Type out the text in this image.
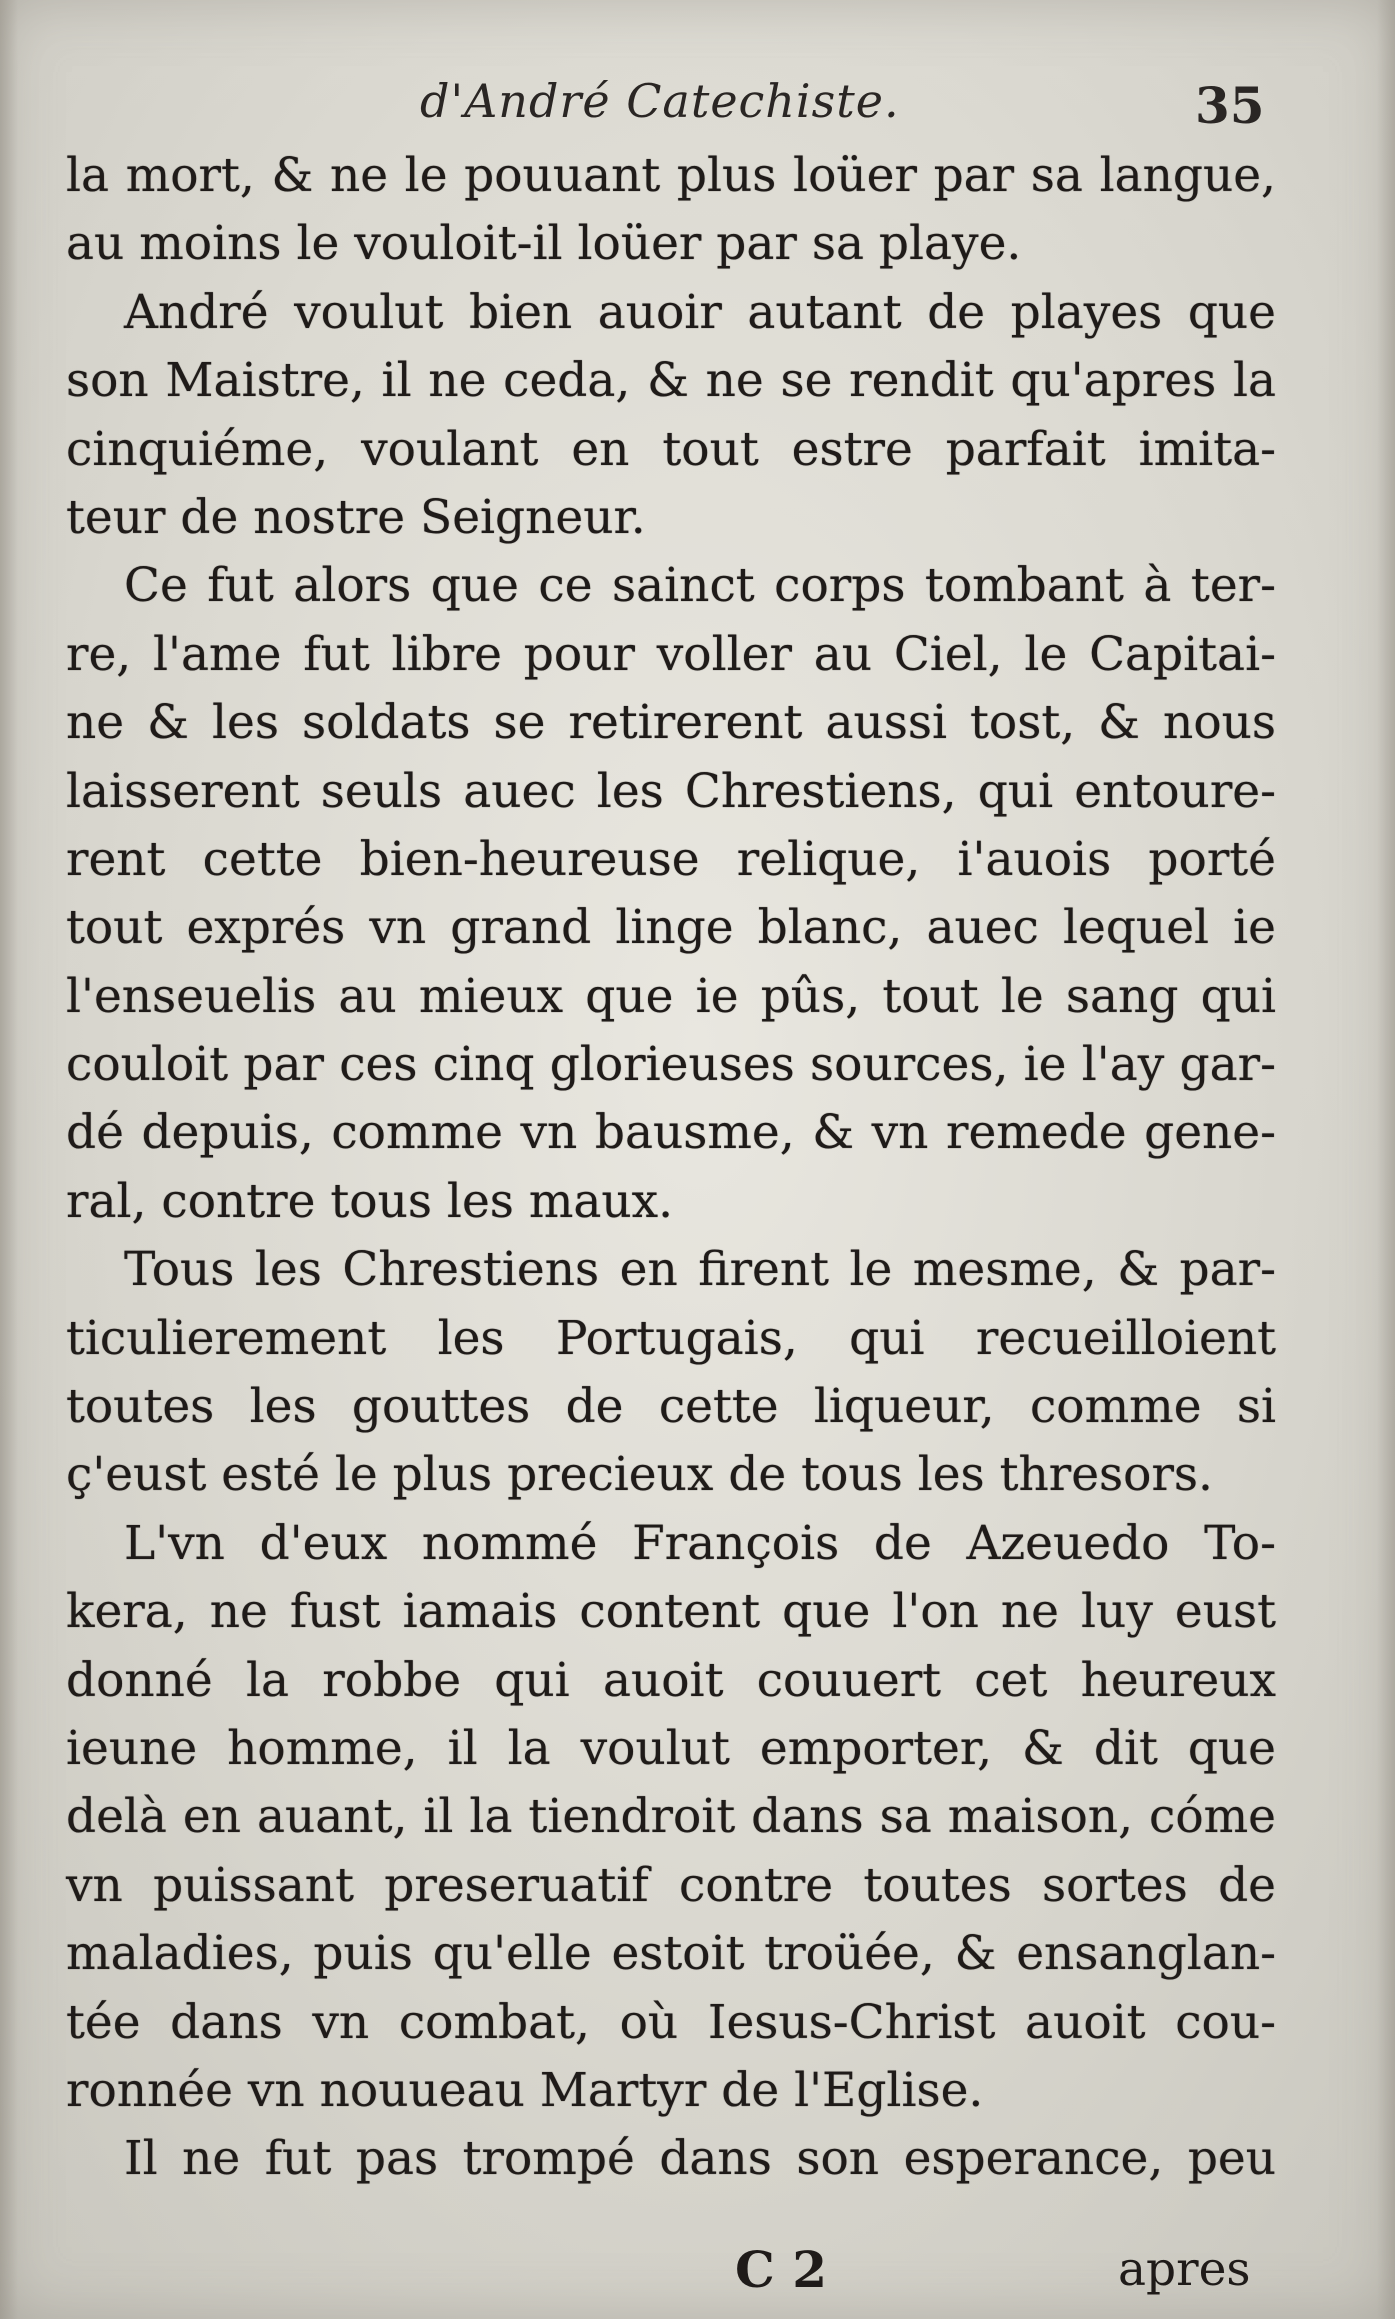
d'André Catechiste.	35
la mort, & ne le pouuant plus loüer par sa langue,
au moins le vouloit-il loüer par sa playe.
André voulut bien auoir autant de playes que
son Maistre, il ne ceda, & ne se rendit qu'apres la
cinquiéme, voulant en tout estre parfait imita-
teur de nostre Seigneur.
Ce fut alors que ce sainct corps tombant à ter-
re, l'ame fut libre pour voller au Ciel, le Capitai-
ne & les soldats se retirerent aussi tost, & nous
laisserent seuls auec les Chrestiens, qui entoure-
rent cette bien-heureuse relique, i'auois porté
tout exprés vn grand linge blanc, auec lequel ie
l'enseuelis au mieux que ie pûs, tout le sang qui
couloit par ces cinq glorieuses sources, ie l'ay gar-
dé depuis, comme vn bausme, & vn remede gene-
ral, contre tous les maux.
Tous les Chrestiens en firent le mesme, & par-
ticulierement les Portugais, qui recueilloient
toutes les gouttes de cette liqueur, comme si
ç'eust esté le plus precieux de tous les thresors.
L'vn d'eux nommé François de Azeuedo To-
kera, ne fust iamais content que l'on ne luy eust
donné la robbe qui auoit couuert cet heureux
ieune homme, il la voulut emporter, & dit que
delà en auant, il la tiendroit dans sa maison, cóme
vn puissant preseruatif contre toutes sortes de
maladies, puis qu'elle estoit troüée, & ensanglan-
tée dans vn combat, où Iesus-Christ auoit cou-
ronnée vn nouueau Martyr de l'Eglise.
Il ne fut pas trompé dans son esperance, peu
C 2	apres
